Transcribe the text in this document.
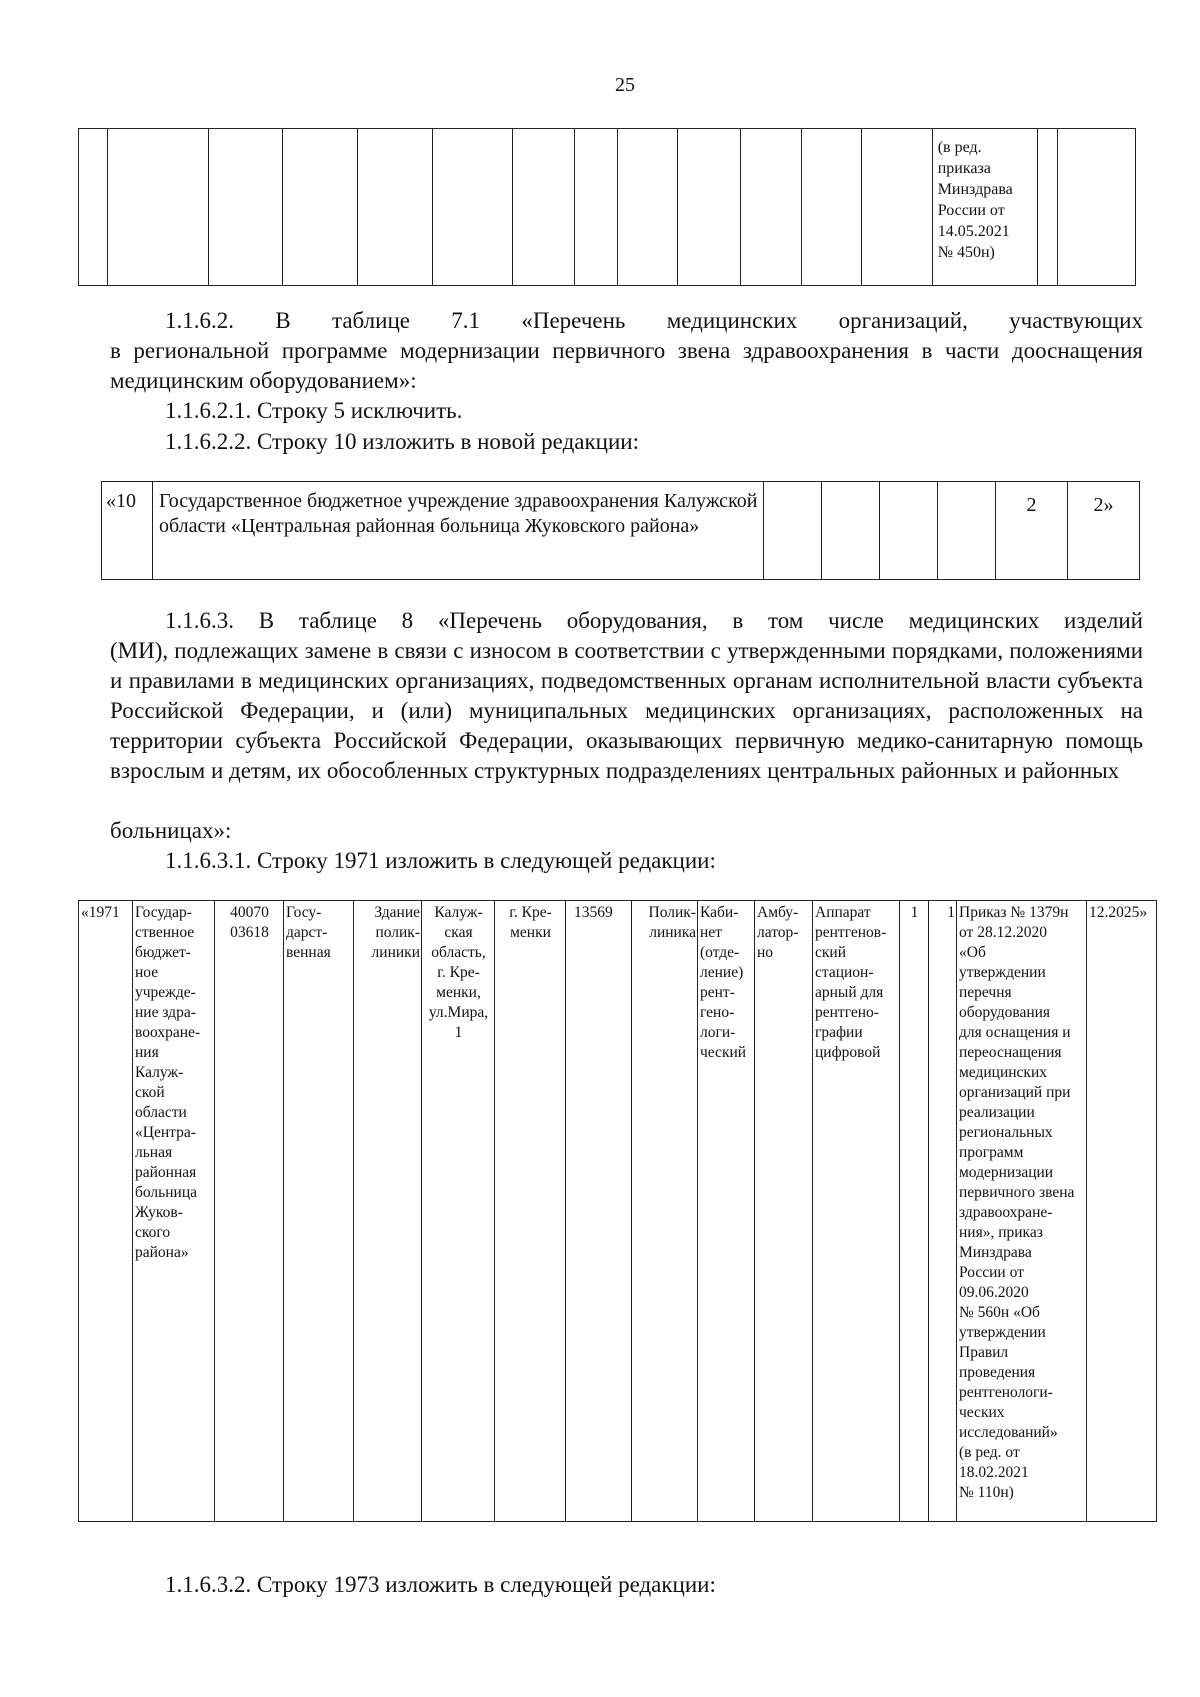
25
													(в ред.
приказа
Минздрава
России от
14.05.2021
№ 450н)		
1.1.6.2. В таблице 7.1 «Перечень медицинских организаций, участвующих
в региональной программе модернизации первичного звена здравоохранения в части дооснащения медицинским оборудованием»:
1.1.6.2.1. Строку 5 исключить.
1.1.6.2.2. Строку 10 изложить в новой редакции:
«10	Государственное бюджетное учреждение здравоохранения Калужской области «Центральная районная больница Жуковского района»					2	2»
1.1.6.3. В таблице 8 «Перечень оборудования, в том числе медицинских изделий
(МИ), подлежащих замене в связи с износом в соответствии с утвержденными порядками, положениями и правилами в медицинских организациях, подведомственных органам исполнительной власти субъекта Российской Федерации, и (или) муниципальных медицинских организациях, расположенных на территории субъекта Российской Федерации, оказывающих первичную медико-санитарную помощь взрослым и детям, их обособленных структурных подразделениях центральных районных и районных
больницах»:
1.1.6.3.1. Строку 1971 изложить в следующей редакции:
«1971	Государ-
ственное
бюджет-
ное
учрежде-
ние здра-
воохране-
ния
Калуж-
ской
области
«Центра-
льная
районная
больница
Жуков-
ского
района»	40070
03618	Госу-
дарст-
венная	Здание
полик-
линики	Калуж-
ская
область,
г. Кре-
менки,
ул.Мира,
1	г. Кре-
менки	13569	Полик-
линика	Каби-
нет
(отде-
ление)
рент-
гено-
логи-
ческий	Амбу-
латор-
но	Аппарат
рентгенов-
ский
стацион-
арный для
рентгено-
графии
цифровой	1	1	Приказ № 1379н
от 28.12.2020
«Об
утверждении
перечня
оборудования
для оснащения и
переоснащения
медицинских
организаций при
реализации
региональных
программ
модернизации
первичного звена
здравоохране-
ния», приказ
Минздрава
России от
09.06.2020
№ 560н «Об
утверждении
Правил
проведения
рентгенологи-
ческих
исследований»
(в ред. от
18.02.2021
№ 110н)	12.2025»
1.1.6.3.2. Строку 1973 изложить в следующей редакции:
